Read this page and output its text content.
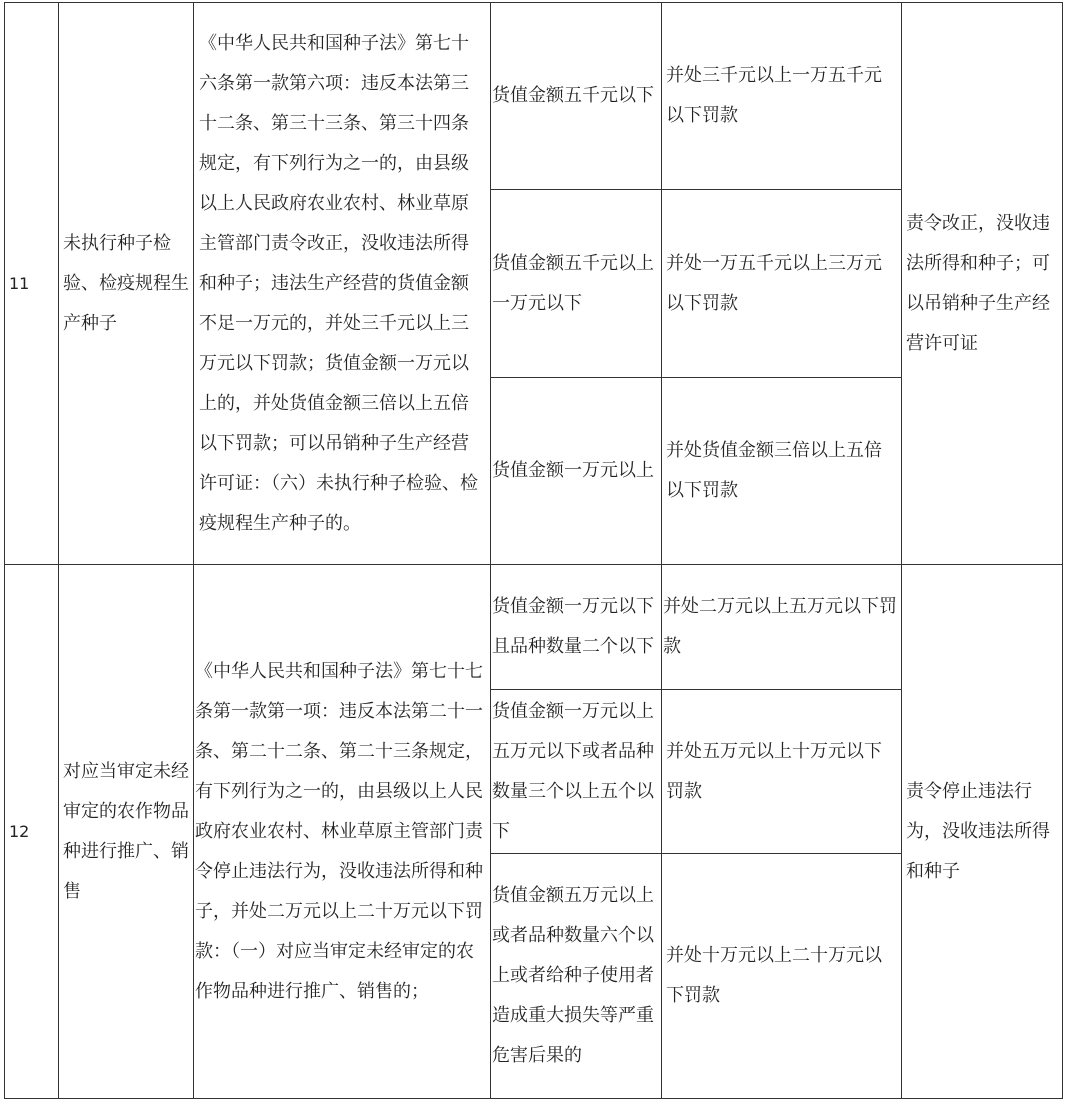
11	未执行种子检验、检疫规程生产种子	《中华人民共和国种子法》第七十六条第一款第六项：违反本法第三十二条、第三十三条、第三十四条规定，有下列行为之一的，由县级以上人民政府农业农村、林业草原主管部门责令改正，没收违法所得和种子；违法生产经营的货值金额不足一万元的，并处三千元以上三万元以下罚款；货值金额一万元以上的，并处货值金额三倍以上五倍以下罚款；可以吊销种子生产经营许可证：（六）未执行种子检验、检疫规程生产种子的。	货值金额五千元以下	并处三千元以上一万五千元以下罚款	责令改正，没收违法所得和种子；可以吊销种子生产经营许可证

			货值金额五千元以上一万元以下	并处一万五千元以上三万元以下罚款	

			货值金额一万元以上	并处货值金额三倍以上五倍以下罚款	

12	对应当审定未经审定的农作物品种进行推广、销售	《中华人民共和国种子法》第七十七条第一款第一项：违反本法第二十一条、第二十二条、第二十三条规定，有下列行为之一的，由县级以上人民政府农业农村、林业草原主管部门责令停止违法行为，没收违法所得和种子，并处二万元以上二十万元以下罚款：（一）对应当审定未经审定的农作物品种进行推广、销售的；	货值金额一万元以下且品种数量二个以下	并处二万元以上五万元以下罚款	责令停止违法行为，没收违法所得和种子

			货值金额一万元以上五万元以下或者品种数量三个以上五个以下	并处五万元以上十万元以下罚款	

			货值金额五万元以上或者品种数量六个以上或者给种子使用者造成重大损失等严重危害后果的	并处十万元以上二十万元以下罚款	
